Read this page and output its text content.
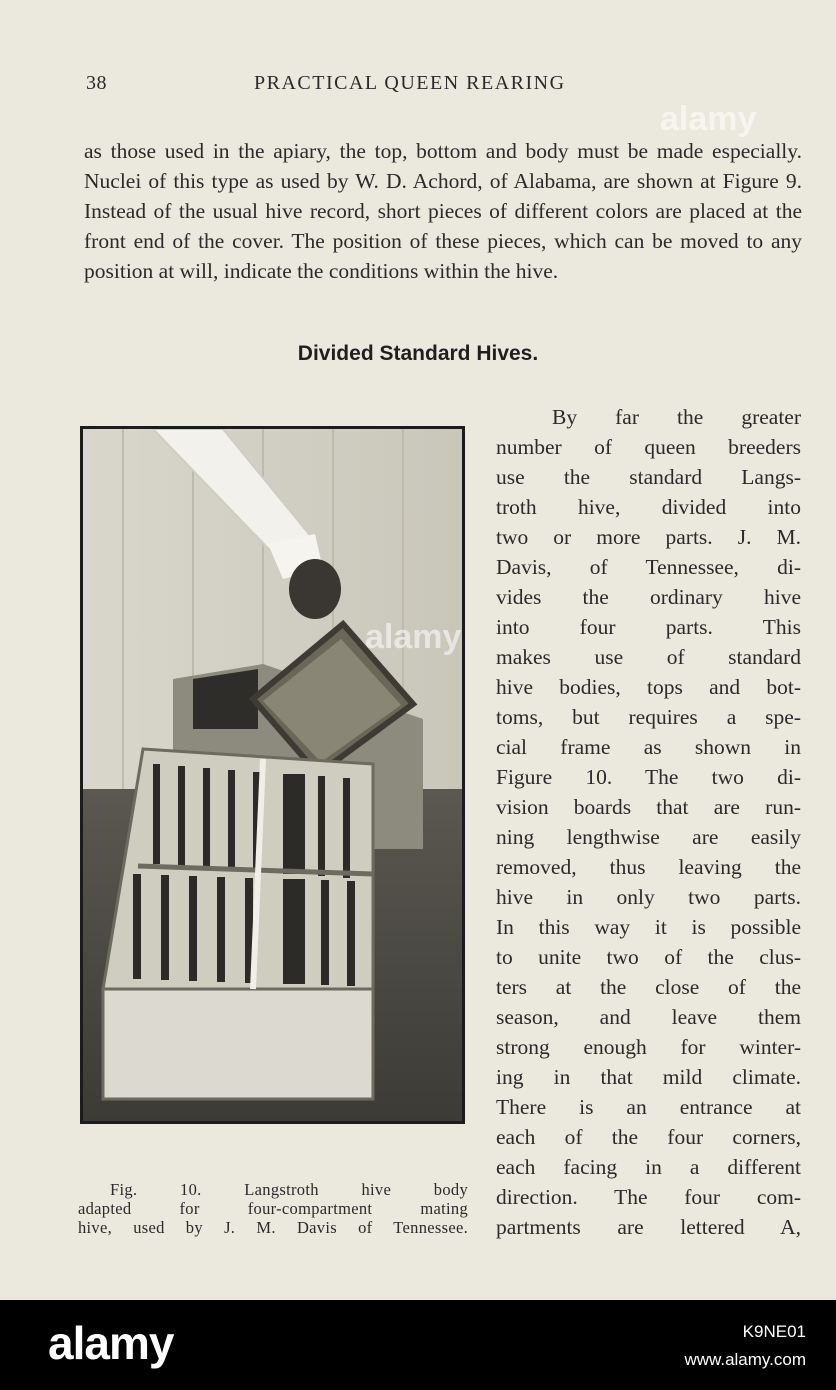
38	PRACTICAL QUEEN REARING

as those used in the apiary, the top, bottom and body must be made especially. Nuclei of this type as used by W. D. Achord, of Alabama, are shown at Figure 9. Instead of the usual hive record, short pieces of different colors are placed at the front end of the cover. The position of these pieces, which can be moved to any position at will, indicate the conditions within the hive.

Divided Standard Hives.
By far the greater
number of queen breeders
use the standard Langs-
troth hive, divided into
two or more parts. J. M.
Davis, of Tennessee, di-
vides the ordinary hive
into four parts. This
makes use of standard
hive bodies, tops and bot-
toms, but requires a spe-
cial frame as shown in
Figure 10. The two di-
vision boards that are run-
ning lengthwise are easily
removed, thus leaving the
hive in only two parts.
In this way it is possible
to unite two of the clus-
ters at the close of the
season, and leave them
strong enough for winter-
ing in that mild climate.
There is an entrance at
each of the four corners,
each facing in a different
direction. The four com-
partments are lettered A,
Fig. 10. Langstroth hive body
adapted for four-compartment mating
hive, used by J. M. Davis of Tennessee.
alamy
alamy
alamy	K9NE01
www.alamy.com
